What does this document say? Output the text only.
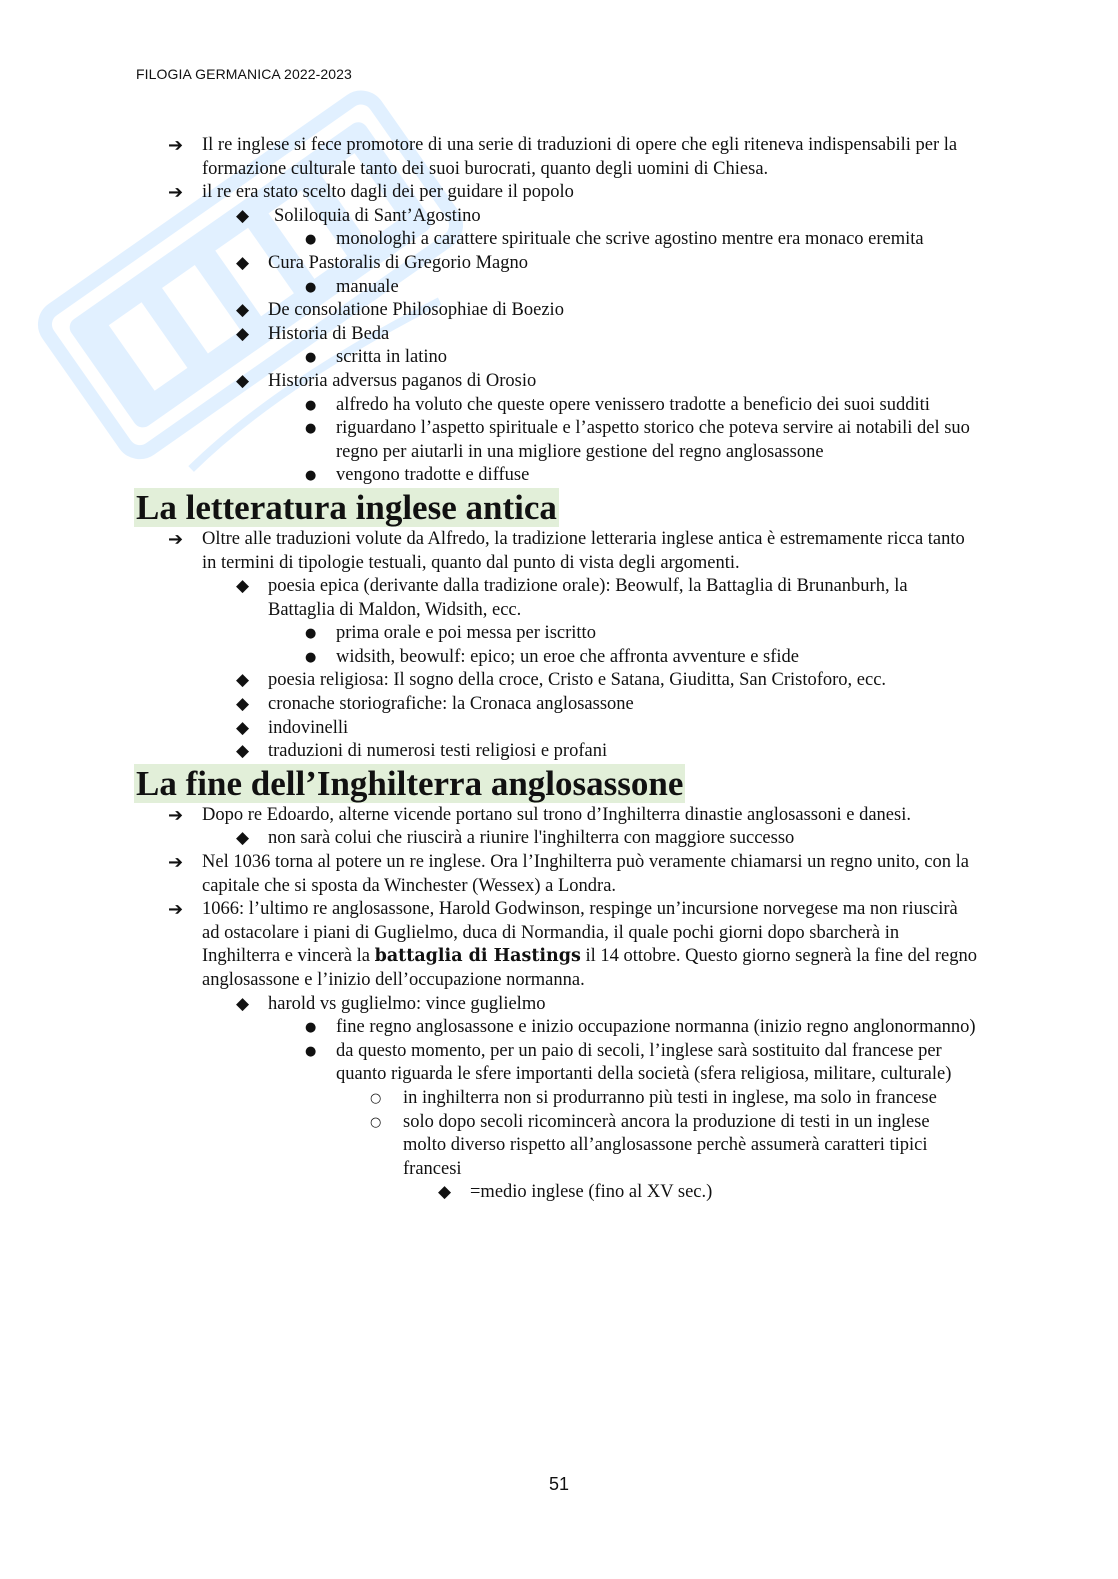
FILOGIA GERMANICA 2022-2023
➔ Il re inglese si fece promotore di una serie di traduzioni di opere che egli riteneva indispensabili per la formazione culturale tanto dei suoi burocrati, quanto degli uomini di Chiesa.
➔ il re era stato scelto dagli dei per guidare il popolo
◆ Soliloquia di Sant’Agostino
● monologhi a carattere spirituale che scrive agostino mentre era monaco eremita
◆ Cura Pastoralis di Gregorio Magno
● manuale
◆ De consolatione Philosophiae di Boezio
◆ Historia di Beda
● scritta in latino
◆ Historia adversus paganos di Orosio
● alfredo ha voluto che queste opere venissero tradotte a beneficio dei suoi sudditi
● riguardano l’aspetto spirituale e l’aspetto storico che poteva servire ai notabili del suo regno per aiutarli in una migliore gestione del regno anglosassone
● vengono tradotte e diffuse
La letteratura inglese antica
➔ Oltre alle traduzioni volute da Alfredo, la tradizione letteraria inglese antica è estremamente ricca tanto in termini di tipologie testuali, quanto dal punto di vista degli argomenti.
◆ poesia epica (derivante dalla tradizione orale): Beowulf, la Battaglia di Brunanburh, la Battaglia di Maldon, Widsith, ecc.
● prima orale e poi messa per iscritto
● widsith, beowulf: epico; un eroe che affronta avventure e sfide
◆ poesia religiosa: Il sogno della croce, Cristo e Satana, Giuditta, San Cristoforo, ecc.
◆ cronache storiografiche: la Cronaca anglosassone
◆ indovinelli
◆ traduzioni di numerosi testi religiosi e profani
La fine dell’Inghilterra anglosassone
➔ Dopo re Edoardo, alterne vicende portano sul trono d’Inghilterra dinastie anglosassoni e danesi.
◆ non sarà colui che riuscirà a riunire l'inghilterra con maggiore successo
➔ Nel 1036 torna al potere un re inglese. Ora l’Inghilterra può veramente chiamarsi un regno unito, con la capitale che si sposta da Winchester (Wessex) a Londra.
➔ 1066: l’ultimo re anglosassone, Harold Godwinson, respinge un’incursione norvegese ma non riuscirà ad ostacolare i piani di Guglielmo, duca di Normandia, il quale pochi giorni dopo sbarcherà in Inghilterra e vincerà la battaglia di Hastings il 14 ottobre. Questo giorno segnerà la fine del regno anglosassone e l’inizio dell’occupazione normanna.
◆ harold vs guglielmo: vince guglielmo
● fine regno anglosassone e inizio occupazione normanna (inizio regno anglonormanno)
● da questo momento, per un paio di secoli, l’inglese sarà sostituito dal francese per quanto riguarda le sfere importanti della società (sfera religiosa, militare, culturale)
○ in inghilterra non si produrranno più testi in inglese, ma solo in francese
○ solo dopo secoli ricomincerà ancora la produzione di testi in un inglese molto diverso rispetto all’anglosassone perchè assumerà caratteri tipici francesi
◆ =medio inglese (fino al XV sec.)
51
